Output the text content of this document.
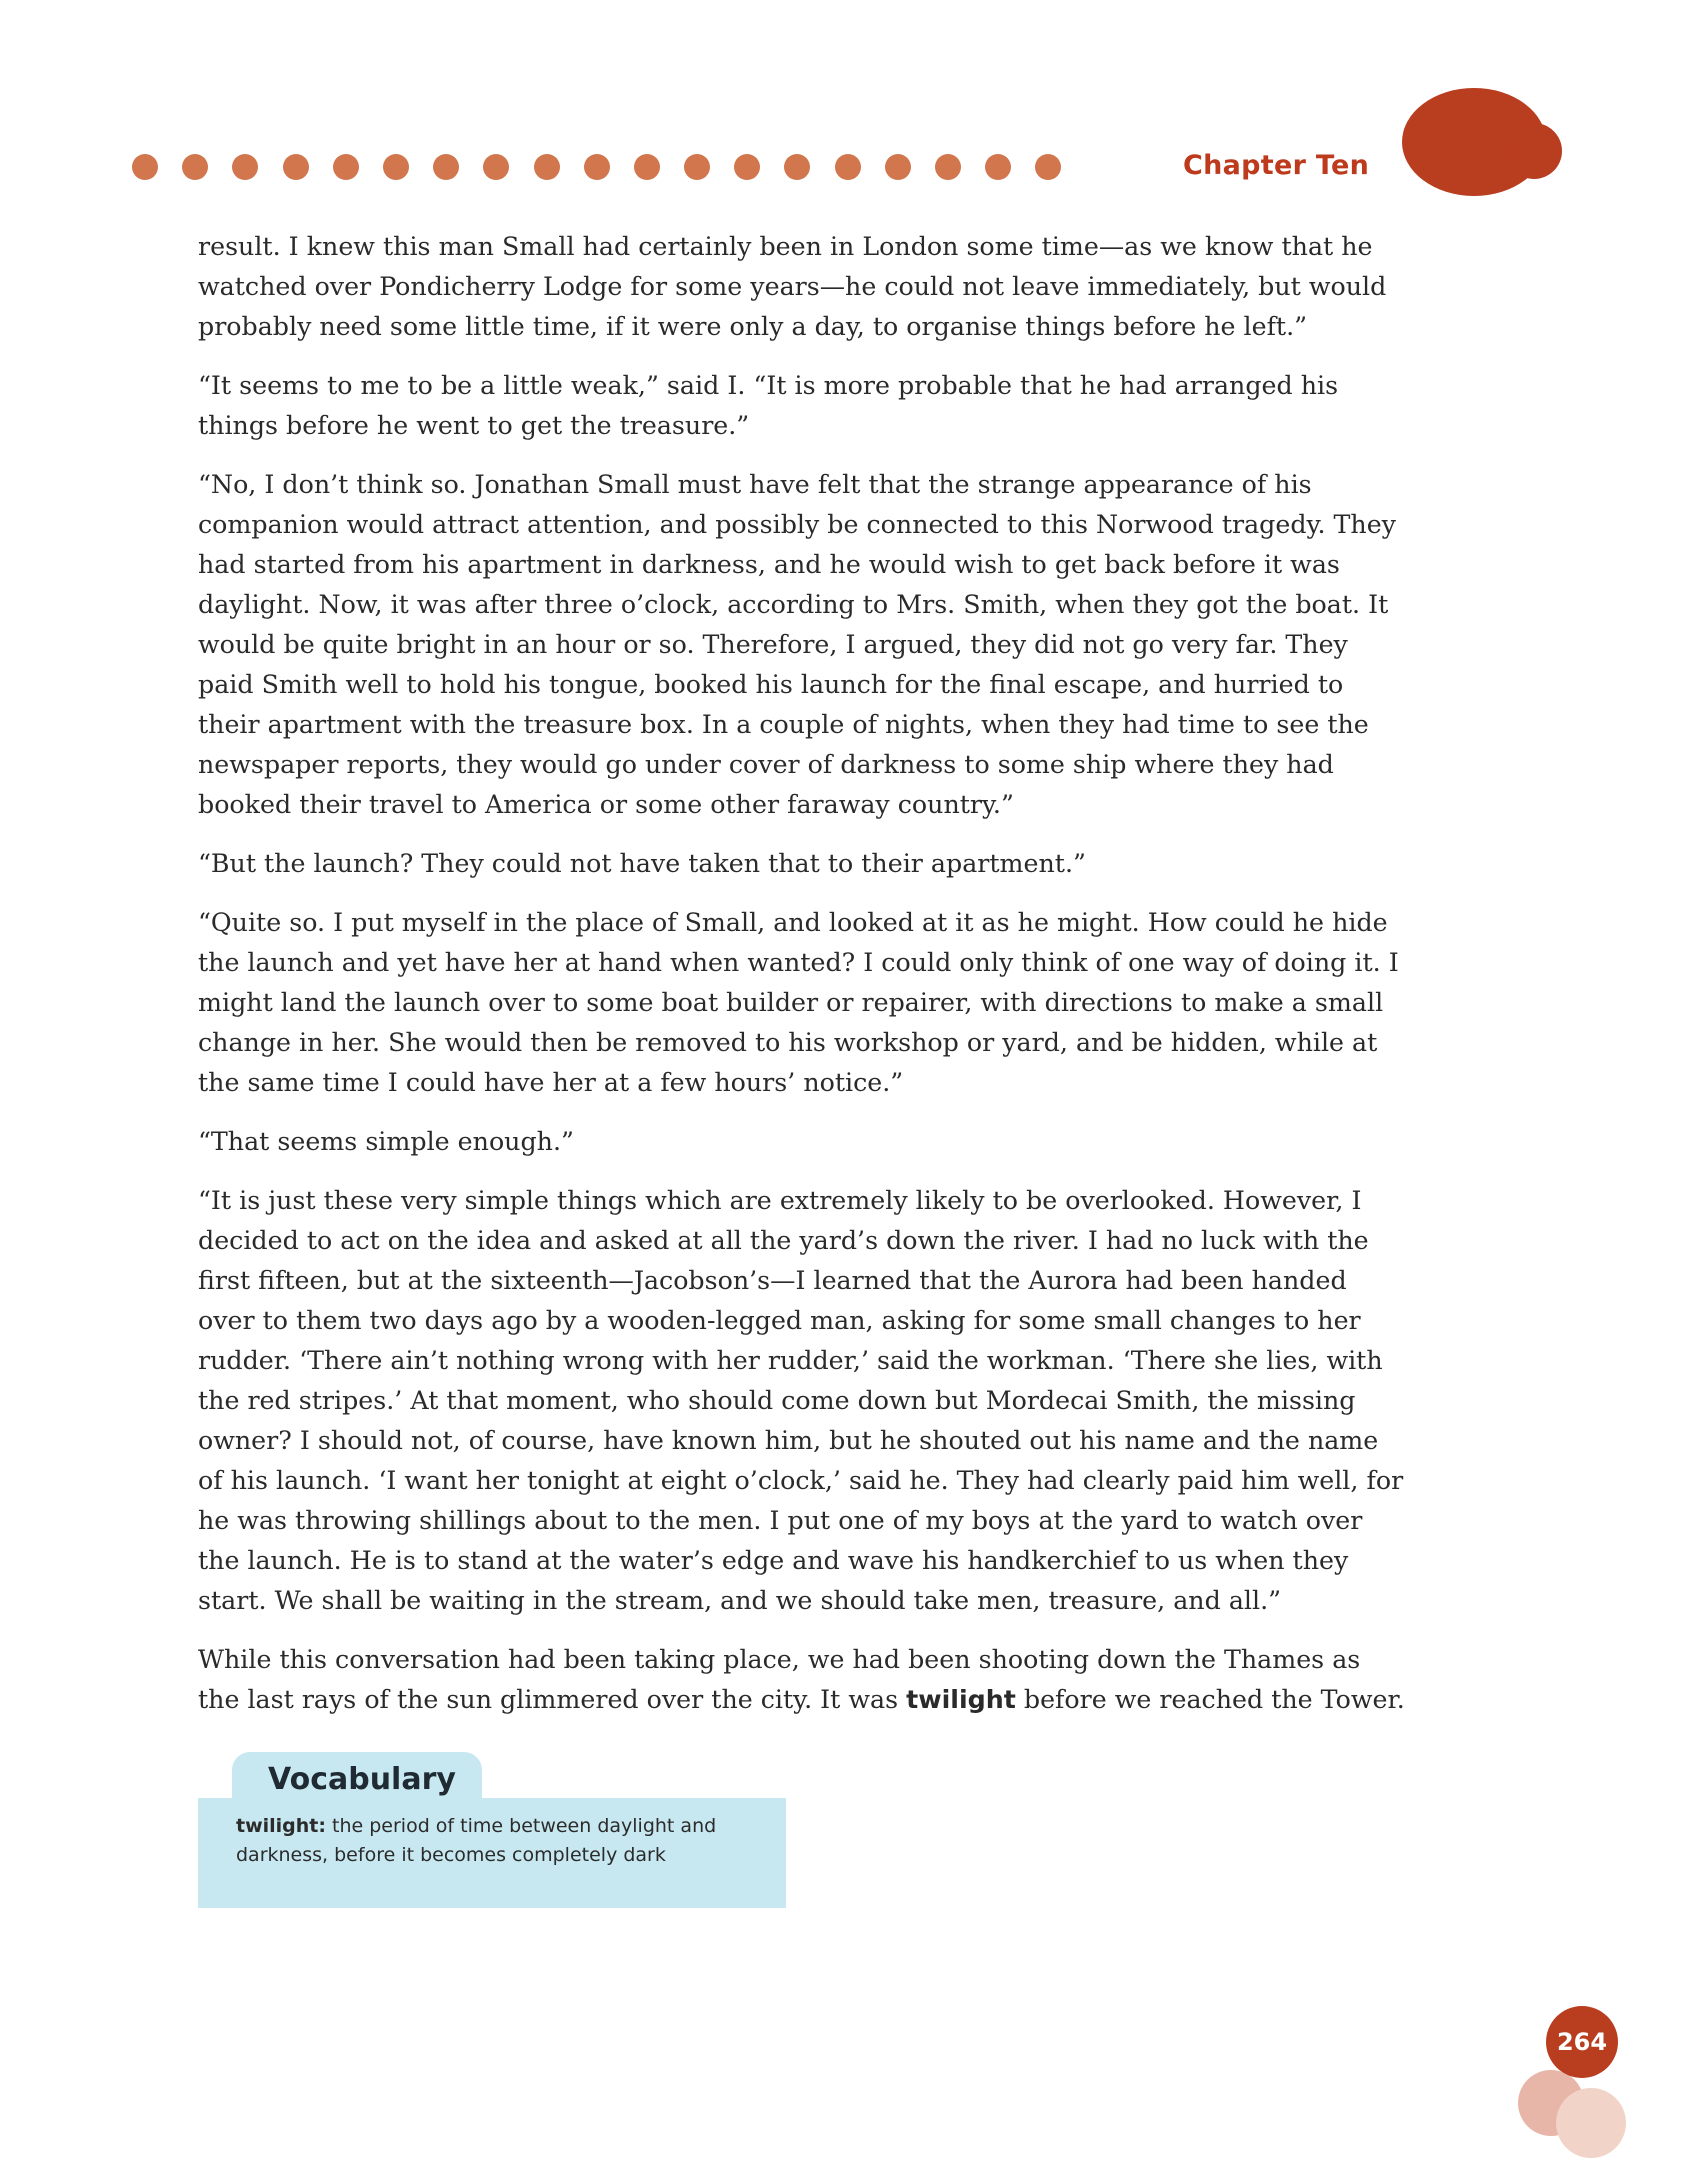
Chapter Ten

result. I knew this man Small had certainly been in London some time—as we know that he watched over Pondicherry Lodge for some years—he could not leave immediately, but would probably need some little time, if it were only a day, to organise things before he left.”

“It seems to me to be a little weak,” said I. “It is more probable that he had arranged his things before he went to get the treasure.”

“No, I don’t think so. Jonathan Small must have felt that the strange appearance of his companion would attract attention, and possibly be connected to this Norwood tragedy. They had started from his apartment in darkness, and he would wish to get back before it was daylight. Now, it was after three o’clock, according to Mrs. Smith, when they got the boat. It would be quite bright in an hour or so. Therefore, I argued, they did not go very far. They paid Smith well to hold his tongue, booked his launch for the final escape, and hurried to their apartment with the treasure box. In a couple of nights, when they had time to see the newspaper reports, they would go under cover of darkness to some ship where they had booked their travel to America or some other faraway country.”

“But the launch? They could not have taken that to their apartment.”

“Quite so. I put myself in the place of Small, and looked at it as he might. How could he hide the launch and yet have her at hand when wanted? I could only think of one way of doing it. I might land the launch over to some boat builder or repairer, with directions to make a small change in her. She would then be removed to his workshop or yard, and be hidden, while at the same time I could have her at a few hours’ notice.”

“That seems simple enough.”

“It is just these very simple things which are extremely likely to be overlooked. However, I decided to act on the idea and asked at all the yard’s down the river. I had no luck with the first fifteen, but at the sixteenth—Jacobson’s—I learned that the Aurora had been handed over to them two days ago by a wooden-legged man, asking for some small changes to her rudder. ‘There ain’t nothing wrong with her rudder,’ said the workman. ‘There she lies, with the red stripes.’ At that moment, who should come down but Mordecai Smith, the missing owner? I should not, of course, have known him, but he shouted out his name and the name of his launch. ‘I want her tonight at eight o’clock,’ said he. They had clearly paid him well, for he was throwing shillings about to the men. I put one of my boys at the yard to watch over the launch. He is to stand at the water’s edge and wave his handkerchief to us when they start. We shall be waiting in the stream, and we should take men, treasure, and all.”

While this conversation had been taking place, we had been shooting down the Thames as the last rays of the sun glimmered over the city. It was twilight before we reached the Tower.

Vocabulary
twilight: the period of time between daylight and darkness, before it becomes completely dark
264
